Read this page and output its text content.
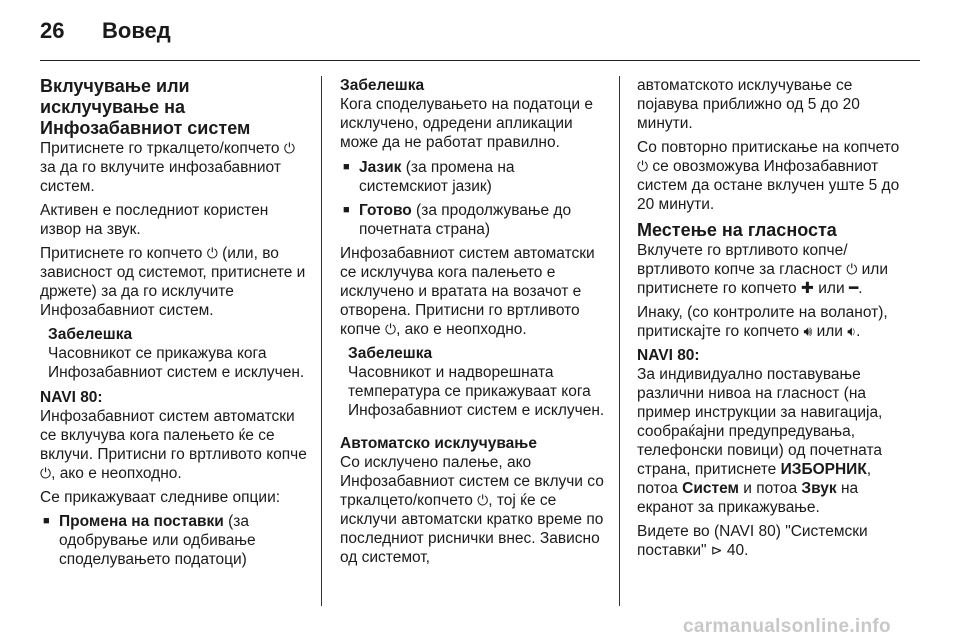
26 Вовед
Вклучување или исклучување на Инфозабавниот систем

Притиснете го тркалцето/копчето ⏻ за да го вклучите инфозабавниот систем.

Активен е последниот користен извор на звук.

Притиснете го копчето ⏻ (или, во зависност од системот, притиснете и држете) за да го исклучите Инфозабавниот систем.

Забелешка
Часовникот се прикажува кога Инфозабавниот систем е исклучен.

NAVI 80:

Инфозабавниот систем автоматски се вклучува кога палењето ќе се вклучи. Притисни го вртливото копче ⏻, ако е неопходно.

Се прикажуваат следниве опции:

■ Промена на поставки (за одобрување или одбивање споделувањето податоци)
Забелешка
Кога споделувањето на податоци е исклучено, одредени апликации може да не работат правилно.
■ Јазик (за промена на системскиот јазик)
■ Готово (за продолжување до почетната страна)

Инфозабавниот систем автоматски се исклучува кога палењето е исклучено и вратата на возачот е отворена. Притисни го вртливото копче ⏻, ако е неопходно.

Забелешка
Часовникот и надворешната температура се прикажуваат кога Инфозабавниот систем е исклучен.

Автоматско исклучување

Со исклучено палење, ако Инфозабавниот систем се вклучи со тркалцето/копчето ⏻, тој ќе се исклучи автоматски кратко време по последниот риснички внес. Зависно од системот,

автоматското исклучување се појавува приближно од 5 до 20 минути.

Со повторно притискање на копчето ⏻ се овозможува Инфозабавниот систем да остане вклучен уште 5 до 20 минути.

Местење на гласноста

Вклучете го вртливото копче/ вртливото копче за гласност ⏻ или притиснете го копчето ✚ или ━.

Инаку, (со контролите на воланот), притискајте го копчето 🔊︎ или 🔉︎.

NAVI 80:

За индивидуално поставување различни нивоа на гласност (на пример инструкции за навигација, сообраќајни предупредувања, телефонски повици) од почетната страна, притиснете ИЗБОРНИК, потоа Систем и потоа Звук на екранот за прикажување.

Видете во (NAVI 80) "Системски поставки" ⊳ 40.

carmanualsonline.info
